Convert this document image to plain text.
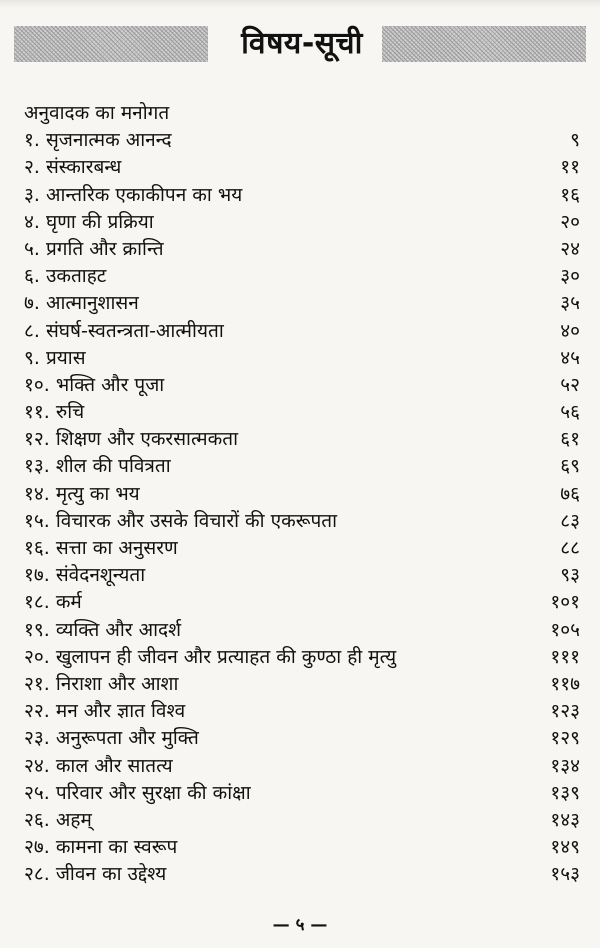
विषय-सूची
अनुवादक का मनोगत
१. सृजनात्मक आनन्द	९
२. संस्कारबन्ध	११
३. आन्तरिक एकाकीपन का भय	१६
४. घृणा की प्रक्रिया	२०
५. प्रगति और क्रान्ति	२४
६. उकताहट	३०
७. आत्मानुशासन	३५
८. संघर्ष-स्वतन्त्रता-आत्मीयता	४०
९. प्रयास	४५
१०. भक्ति और पूजा	५२
११. रुचि	५६
१२. शिक्षण और एकरसात्मकता	६१
१३. शील की पवित्रता	६९
१४. मृत्यु का भय	७६
१५. विचारक और उसके विचारों की एकरूपता	८३
१६. सत्ता का अनुसरण	८८
१७. संवेदनशून्यता	९३
१८. कर्म	१०१
१९. व्यक्ति और आदर्श	१०५
२०. खुलापन ही जीवन और प्रत्याहत की कुण्ठा ही मृत्यु	१११
२१. निराशा और आशा	११७
२२. मन और ज्ञात विश्व	१२३
२३. अनुरूपता और मुक्ति	१२९
२४. काल और सातत्य	१३४
२५. परिवार और सुरक्षा की कांक्षा	१३९
२६. अहम्	१४३
२७. कामना का स्वरूप	१४९
२८. जीवन का उद्देश्य	१५३
— ५ —
